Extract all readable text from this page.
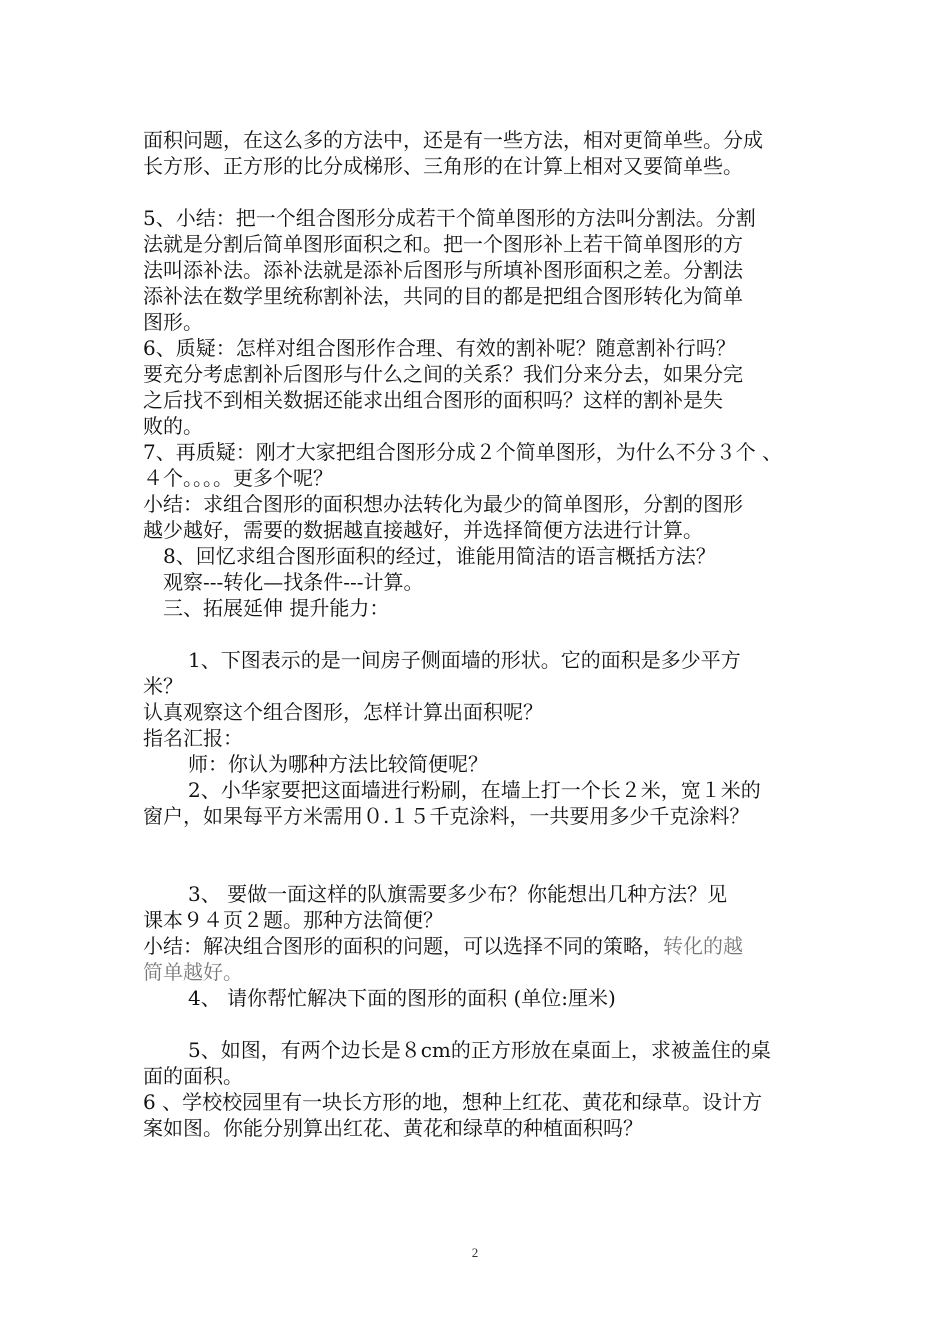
面积问题，在这么多的方法中，还是有一些方法，相对更简单些。分成
长方形、正方形的比分成梯形、三角形的在计算上相对又要简单些。
5、小结：把一个组合图形分成若干个简单图形的方法叫分割法。分割
法就是分割后简单图形面积之和。把一个图形补上若干简单图形的方
法叫添补法。添补法就是添补后图形与所填补图形面积之差。分割法
添补法在数学里统称割补法，共同的目的都是把组合图形转化为简单
图形。
6、质疑：怎样对组合图形作合理、有效的割补呢？随意割补行吗？
要充分考虑割补后图形与什么之间的关系？我们分来分去，如果分完
之后找不到相关数据还能求出组合图形的面积吗？这样的割补是失
败的。
7、再质疑：刚才大家把组合图形分成２个简单图形，为什么不分３个 、
４个。。。。更多个呢？
小结：求组合图形的面积想办法转化为最少的简单图形，分割的图形
越少越好，需要的数据越直接越好，并选择简便方法进行计算。
8、回忆求组合图形面积的经过，谁能用简洁的语言概括方法？
观察---转化—找条件---计算。
三、拓展延伸 提升能力：
1、下图表示的是一间房子侧面墙的形状。它的面积是多少平方
米？
认真观察这个组合图形，怎样计算出面积呢？
指名汇报：
师：你认为哪种方法比较简便呢？
2、小华家要把这面墙进行粉刷，在墙上打一个长２米，宽１米的
窗户，如果每平方米需用０.１５千克涂料，一共要用多少千克涂料？
3、 要做一面这样的队旗需要多少布？你能想出几种方法？见
课本９４页２题。那种方法简便？
小结：解决组合图形的面积的问题，可以选择不同的策略，转化的越
简单越好。
4、 请你帮忙解决下面的图形的面积 (单位:厘米)
5、如图，有两个边长是８cm的正方形放在桌面上，求被盖住的桌
面的面积。
6 、学校校园里有一块长方形的地，想种上红花、黄花和绿草。设计方
案如图。你能分别算出红花、黄花和绿草的种植面积吗？
2
